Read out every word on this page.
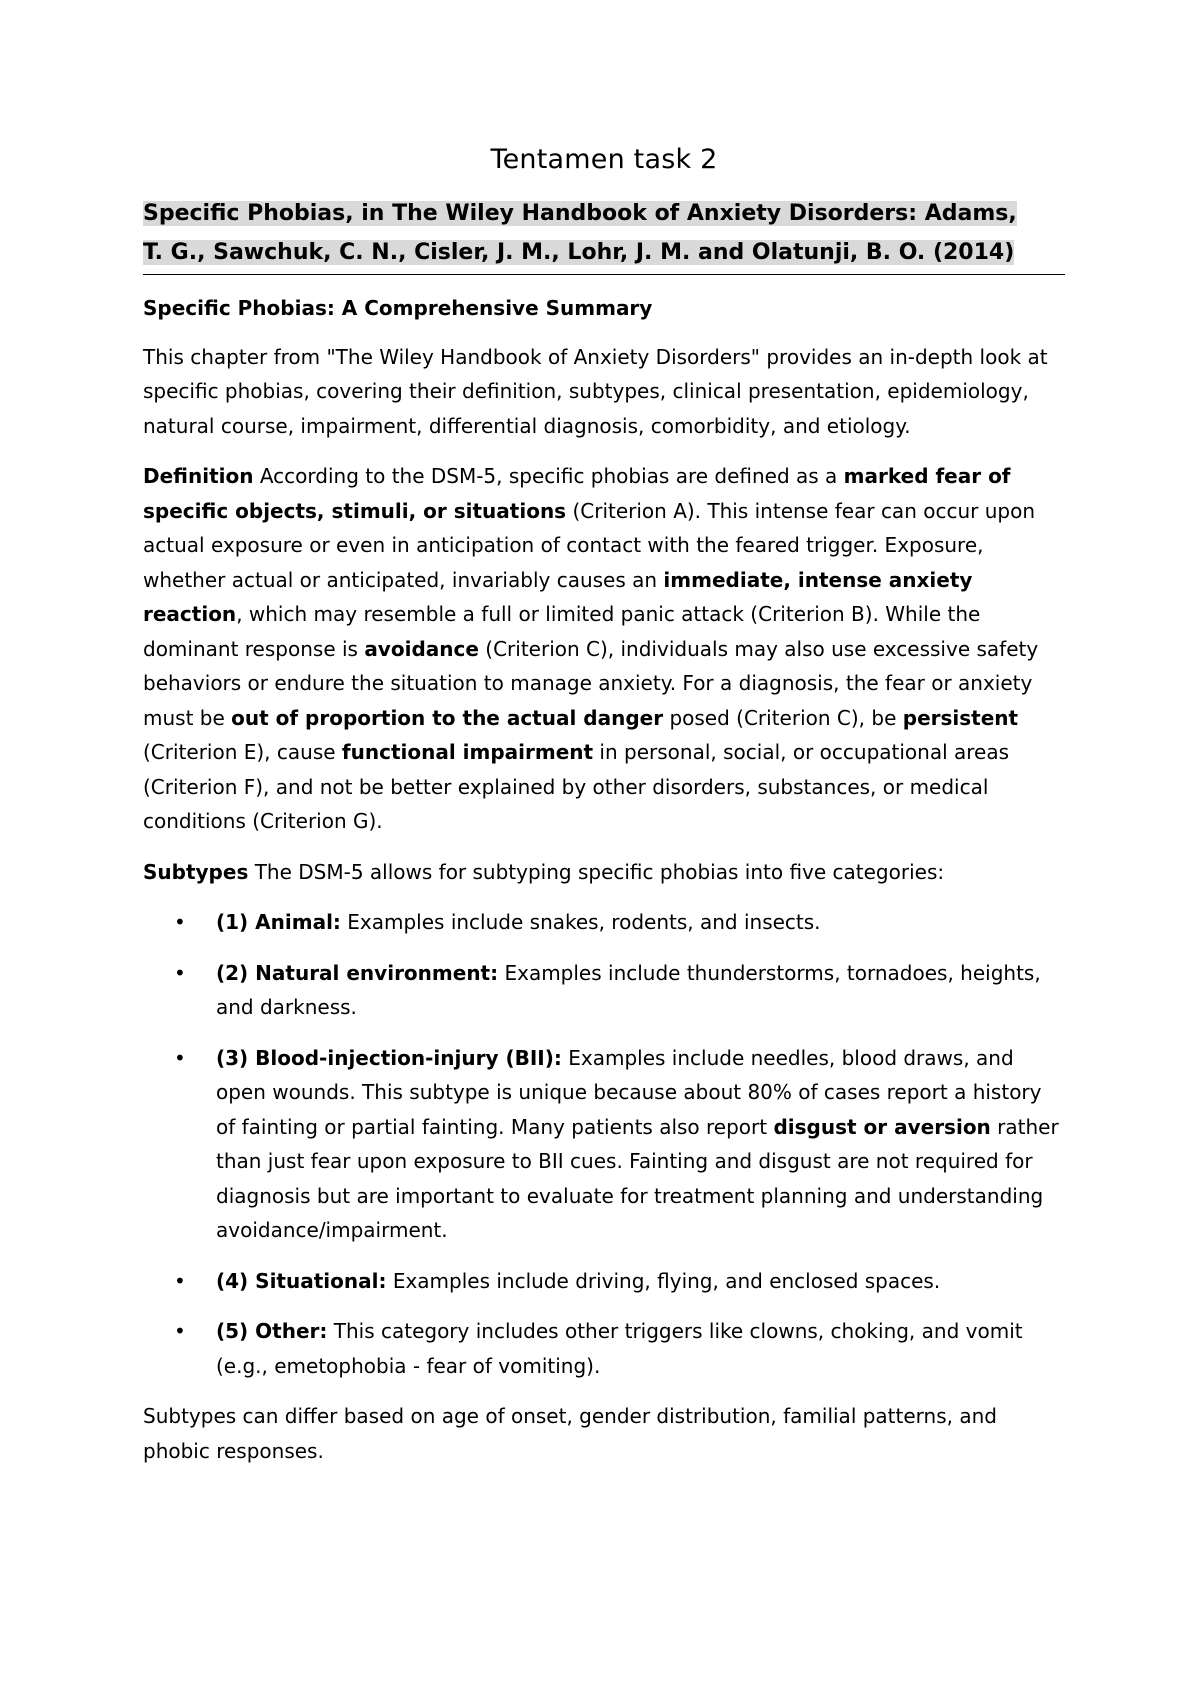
Tentamen task 2
Specific Phobias, in The Wiley Handbook of Anxiety Disorders: Adams,
T. G., Sawchuk, C. N., Cisler, J. M., Lohr, J. M. and Olatunji, B. O. (2014)
Specific Phobias: A Comprehensive Summary

This chapter from "The Wiley Handbook of Anxiety Disorders" provides an in-depth look at specific phobias, covering their definition, subtypes, clinical presentation, epidemiology, natural course, impairment, differential diagnosis, comorbidity, and etiology.

Definition According to the DSM-5, specific phobias are defined as a marked fear of specific objects, stimuli, or situations (Criterion A). This intense fear can occur upon actual exposure or even in anticipation of contact with the feared trigger. Exposure, whether actual or anticipated, invariably causes an immediate, intense anxiety reaction, which may resemble a full or limited panic attack (Criterion B). While the dominant response is avoidance (Criterion C), individuals may also use excessive safety behaviors or endure the situation to manage anxiety. For a diagnosis, the fear or anxiety must be out of proportion to the actual danger posed (Criterion C), be persistent (Criterion E), cause functional impairment in personal, social, or occupational areas (Criterion F), and not be better explained by other disorders, substances, or medical conditions (Criterion G).

Subtypes The DSM-5 allows for subtyping specific phobias into five categories:

• (1) Animal: Examples include snakes, rodents, and insects.
• (2) Natural environment: Examples include thunderstorms, tornadoes, heights, and darkness.
• (3) Blood-injection-injury (BII): Examples include needles, blood draws, and open wounds. This subtype is unique because about 80% of cases report a history of fainting or partial fainting. Many patients also report disgust or aversion rather than just fear upon exposure to BII cues. Fainting and disgust are not required for diagnosis but are important to evaluate for treatment planning and understanding avoidance/impairment.
• (4) Situational: Examples include driving, flying, and enclosed spaces.
• (5) Other: This category includes other triggers like clowns, choking, and vomit (e.g., emetophobia - fear of vomiting).

Subtypes can differ based on age of onset, gender distribution, familial patterns, and phobic responses.
